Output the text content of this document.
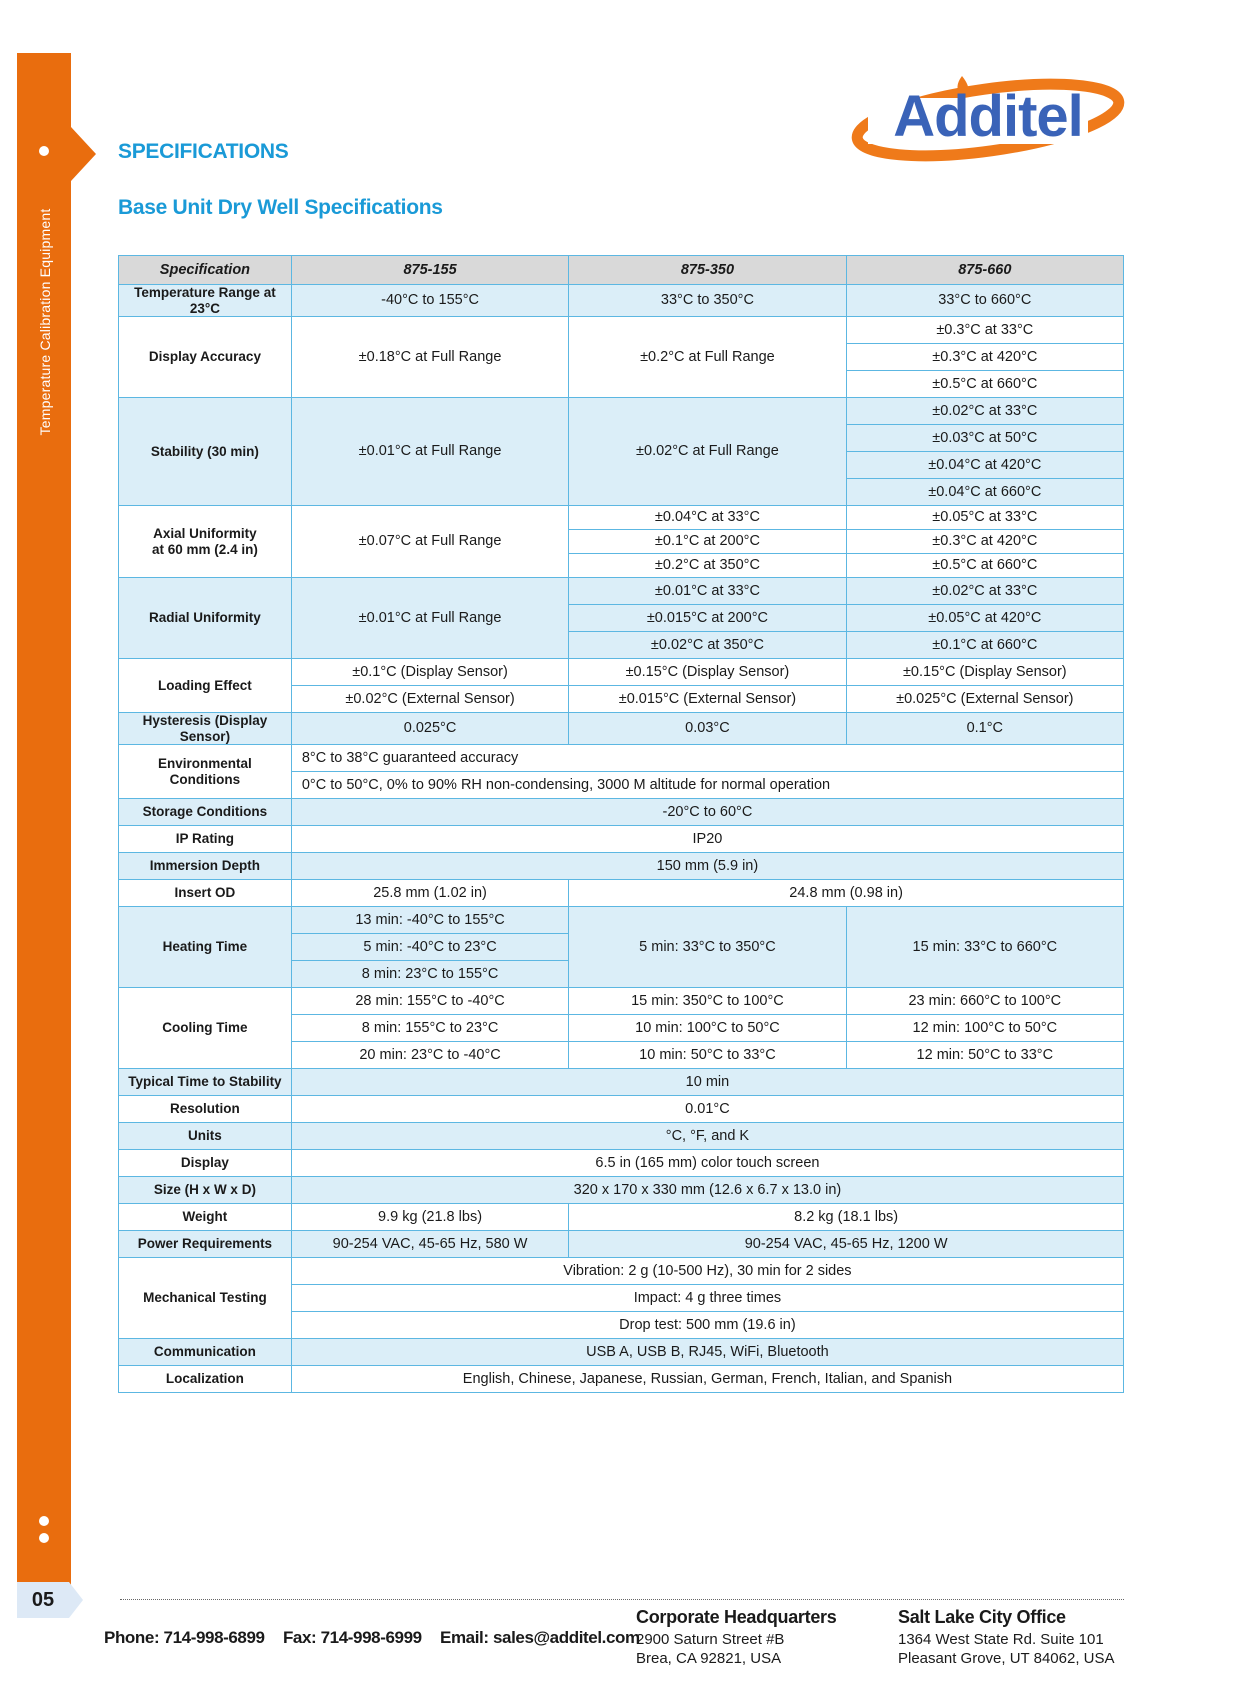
Temperature Calibration Equipment
05
Additel
SPECIFICATIONS
Base Unit Dry Well Specifications
Specification	875-155	875-350	875-660
Temperature Range at 23°C	-40°C to 155°C	33°C to 350°C	33°C to 660°C
Display Accuracy	±0.18°C at Full Range	±0.2°C at Full Range	±0.3°C at 33°C
			±0.3°C at 420°C
			±0.5°C at 660°C
Stability (30 min)	±0.01°C at Full Range	±0.02°C at Full Range	±0.02°C at 33°C
			±0.03°C at 50°C
			±0.04°C at 420°C
			±0.04°C at 660°C
Axial Uniformity
at 60 mm (2.4 in)	±0.07°C at Full Range	±0.04°C at 33°C	±0.05°C at 33°C
		±0.1°C at 200°C	±0.3°C at 420°C
		±0.2°C at 350°C	±0.5°C at 660°C
Radial Uniformity	±0.01°C at Full Range	±0.01°C at 33°C	±0.02°C at 33°C
		±0.015°C at 200°C	±0.05°C at 420°C
		±0.02°C at 350°C	±0.1°C at 660°C
Loading Effect	±0.1°C (Display Sensor)	±0.15°C (Display Sensor)	±0.15°C (Display Sensor)
	±0.02°C (External Sensor)	±0.015°C (External Sensor)	±0.025°C (External Sensor)
Hysteresis (Display Sensor)	0.025°C	0.03°C	0.1°C
Environmental Conditions	8°C to 38°C guaranteed accuracy		
	0°C to 50°C, 0% to 90% RH non-condensing, 3000 M altitude for normal operation		
Storage Conditions	-20°C to 60°C		
IP Rating	IP20		
Immersion Depth	150 mm (5.9 in)		
Insert OD	25.8 mm (1.02 in)	24.8 mm (0.98 in)	
Heating Time	13 min: -40°C to 155°C	5 min: 33°C to 350°C	15 min: 33°C to 660°C
	5 min: -40°C to 23°C		
	8 min: 23°C to 155°C		
Cooling Time	28 min: 155°C to -40°C	15 min: 350°C to 100°C	23 min: 660°C to 100°C
	8 min: 155°C to 23°C	10 min: 100°C to 50°C	12 min: 100°C to 50°C
	20 min: 23°C to -40°C	10 min: 50°C to 33°C	12 min: 50°C to 33°C
Typical Time to Stability	10 min		
Resolution	0.01°C		
Units	°C, °F, and K		
Display	6.5 in (165 mm) color touch screen		
Size (H x W x D)	320 x 170 x 330 mm (12.6 x 6.7 x 13.0 in)		
Weight	9.9 kg (21.8 lbs)	8.2 kg (18.1 lbs)	
Power Requirements	90-254 VAC, 45-65 Hz, 580 W	90-254 VAC, 45-65 Hz, 1200 W	
Mechanical Testing	Vibration: 2 g (10-500 Hz), 30 min for 2 sides		
	Impact: 4 g three times		
	Drop test: 500 mm (19.6 in)		
Communication	USB A, USB B, RJ45, WiFi, Bluetooth		
Localization	English, Chinese, Japanese, Russian, German, French, Italian, and Spanish		
Phone: 714-998-6899 Fax: 714-998-6999 Email: sales@additel.com
Corporate Headquarters
2900 Saturn Street #B
Brea, CA 92821, USA
Salt Lake City Office
1364 West State Rd. Suite 101
Pleasant Grove, UT 84062, USA
